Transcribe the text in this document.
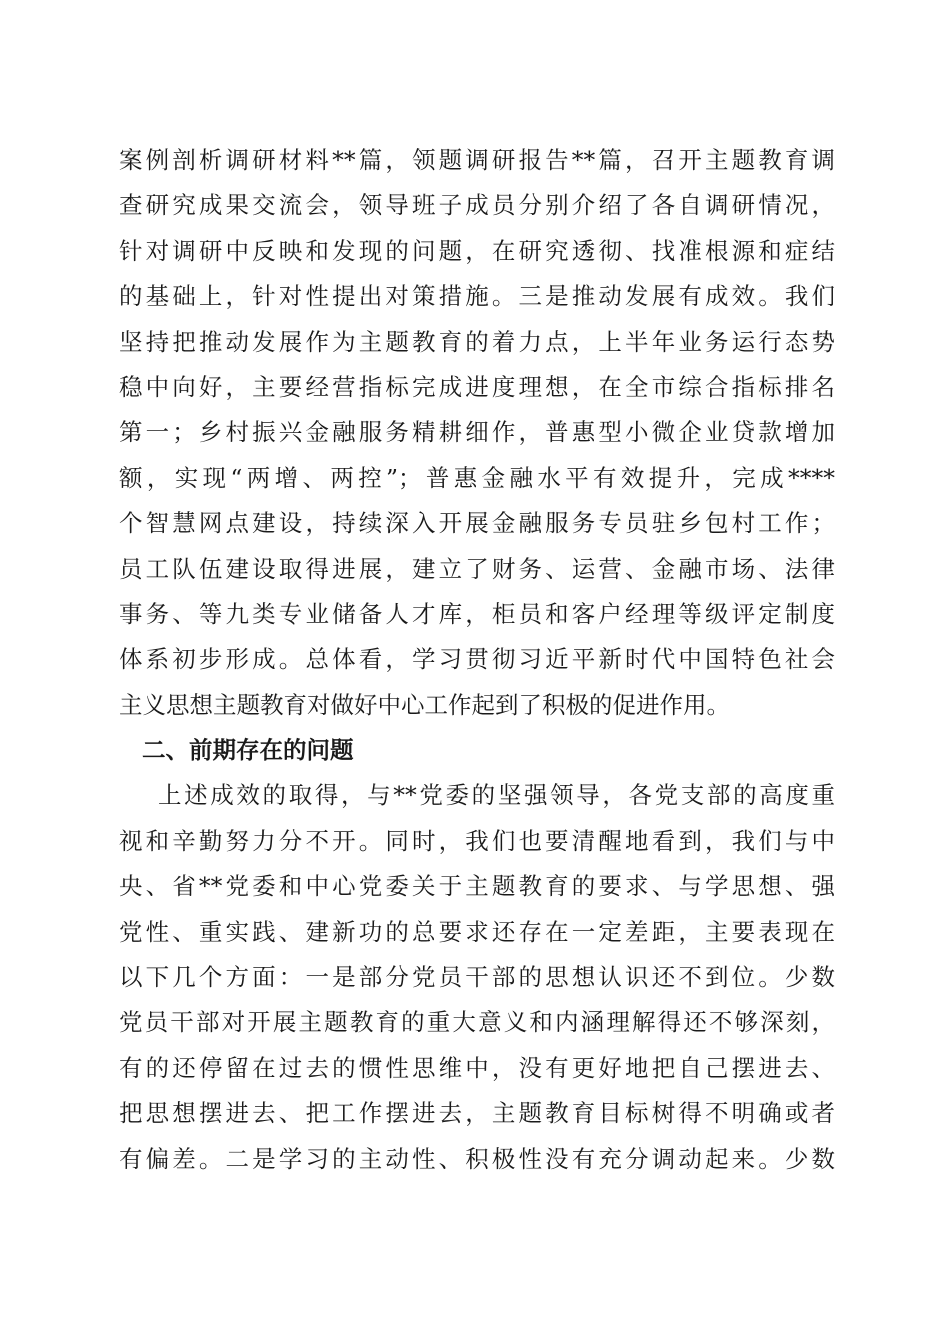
案例剖析调研材料**篇，领题调研报告**篇，召开主题教育调
查研究成果交流会，领导班子成员分别介绍了各自调研情况，
针对调研中反映和发现的问题，在研究透彻、找准根源和症结
的基础上，针对性提出对策措施。三是推动发展有成效。我们
坚持把推动发展作为主题教育的着力点，上半年业务运行态势
稳中向好，主要经营指标完成进度理想，在全市综合指标排名
第一；乡村振兴金融服务精耕细作，普惠型小微企业贷款增加
额，实现“两增、两控”；普惠金融水平有效提升，完成****
个智慧网点建设，持续深入开展金融服务专员驻乡包村工作；
员工队伍建设取得进展，建立了财务、运营、金融市场、法律
事务、等九类专业储备人才库，柜员和客户经理等级评定制度
体系初步形成。总体看，学习贯彻习近平新时代中国特色社会
主义思想主题教育对做好中心工作起到了积极的促进作用。
二、前期存在的问题
上述成效的取得，与**党委的坚强领导，各党支部的高度重
视和辛勤努力分不开。同时，我们也要清醒地看到，我们与中
央、省**党委和中心党委关于主题教育的要求、与学思想、强
党性、重实践、建新功的总要求还存在一定差距，主要表现在
以下几个方面：一是部分党员干部的思想认识还不到位。少数
党员干部对开展主题教育的重大意义和内涵理解得还不够深刻，
有的还停留在过去的惯性思维中，没有更好地把自己摆进去、
把思想摆进去、把工作摆进去，主题教育目标树得不明确或者
有偏差。二是学习的主动性、积极性没有充分调动起来。少数
